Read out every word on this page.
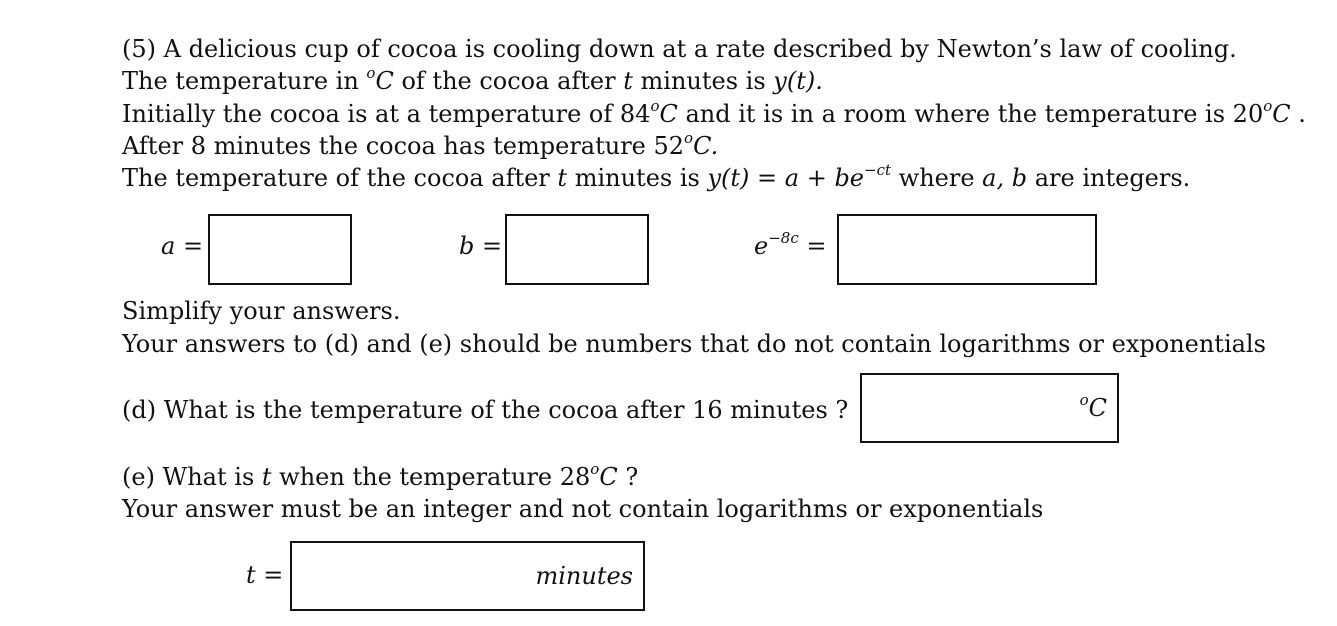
(5) A delicious cup of cocoa is cooling down at a rate described by Newton’s law of cooling.
The temperature in $^o$C of the cocoa after t minutes is y(t).
Initially the cocoa is at a temperature of 84$^o$C and it is in a room where the temperature is 20$^o$C .
After 8 minutes the cocoa has temperature 52$^o$C.
The temperature of the cocoa after t minutes is $y(t) = a + be^{-ct}$ where a, b are integers.
a =	b =	$e^{-8c}$ =
Simplify your answers.
Your answers to (d) and (e) should be numbers that do not contain logarithms or exponentials
(d) What is the temperature of the cocoa after 16 minutes ?	$^o$C
(e) What is t when the temperature 28$^o$C ?
Your answer must be an integer and not contain logarithms or exponentials
t =	minutes
